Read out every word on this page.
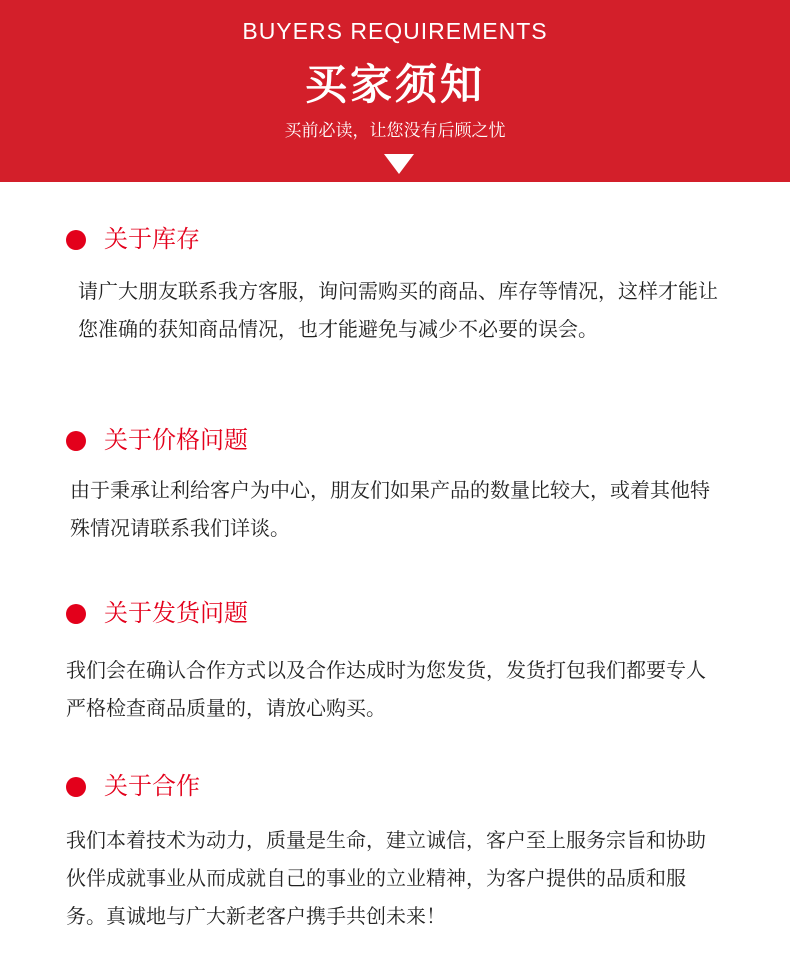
BUYERS REQUIREMENTS
买家须知
买前必读，让您没有后顾之忧
关于库存
请广大朋友联系我方客服，询问需购买的商品、库存等情况，这样才能让您准确的获知商品情况，也才能避免与减少不必要的误会。
关于价格问题
由于秉承让利给客户为中心，朋友们如果产品的数量比较大，或着其他特殊情况请联系我们详谈。
关于发货问题
我们会在确认合作方式以及合作达成时为您发货，发货打包我们都要专人严格检查商品质量的，请放心购买。
关于合作
我们本着技术为动力，质量是生命，建立诚信，客户至上服务宗旨和协助伙伴成就事业从而成就自己的事业的立业精神，为客户提供的品质和服务。真诚地与广大新老客户携手共创未来！
